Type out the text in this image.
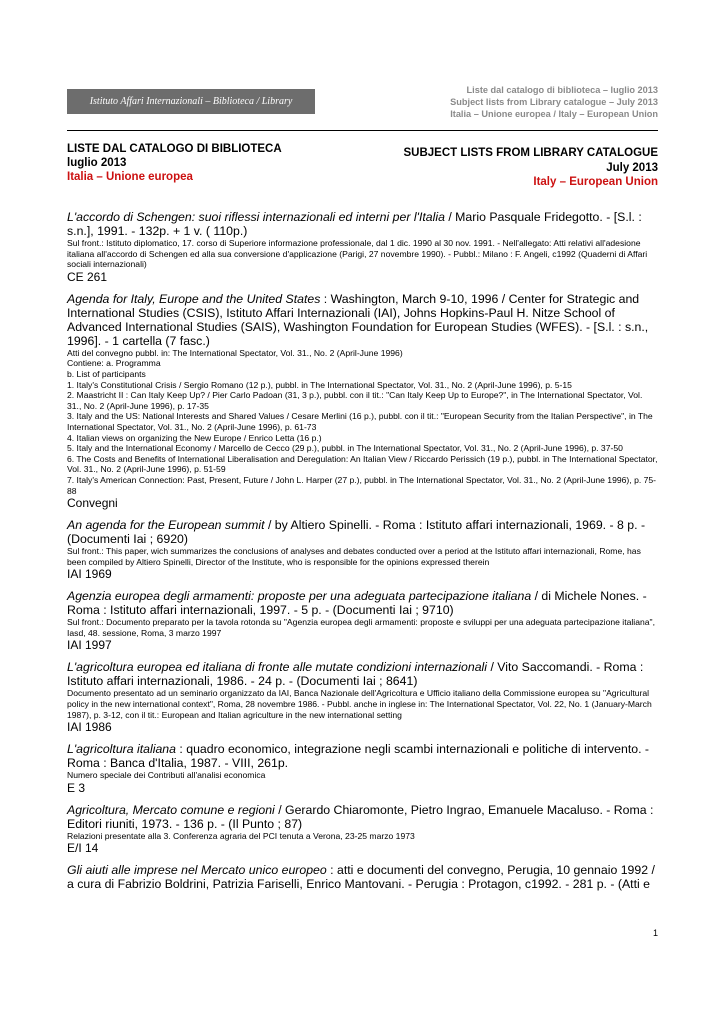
Istituto Affari Internazionali – Biblioteca / Library
Liste dal catalogo di biblioteca – luglio 2013
Subject lists from Library catalogue – July 2013
Italia – Unione europea / Italy – European Union
LISTE DAL CATALOGO DI BIBLIOTECA
luglio 2013
Italia – Unione europea
SUBJECT LISTS FROM LIBRARY CATALOGUE
July 2013
Italy – European Union

L'accordo di Schengen: suoi riflessi internazionali ed interni per l'Italia / Mario Pasquale Fridegotto. - [S.l. : s.n.], 1991. - 132p. + 1 v. ( 110p.)

Sul front.: Istituto diplomatico, 17. corso di Superiore informazione professionale, dal 1 dic. 1990 al 30 nov. 1991. - Nell'allegato: Atti relativi all'adesione italiana all'accordo di Schengen ed alla sua conversione d'applicazione (Parigi, 27 novembre 1990). - Pubbl.: Milano : F. Angeli, c1992 (Quaderni di Affari sociali internazionali)

CE 261

Agenda for Italy, Europe and the United States : Washington, March 9-10, 1996 / Center for Strategic and International Studies (CSIS), Istituto Affari Internazionali (IAI), Johns Hopkins-Paul H. Nitze School of Advanced International Studies (SAIS), Washington Foundation for European Studies (WFES). - [S.l. : s.n., 1996]. - 1 cartella (7 fasc.)

Atti del convegno pubbl. in: The International Spectator, Vol. 31., No. 2 (April-June 1996)

Contiene: a. Programma

b. List of participants

1. Italy's Constitutional Crisis / Sergio Romano (12 p.), pubbl. in The International Spectator, Vol. 31., No. 2 (April-June 1996), p. 5-15

2. Maastricht II : Can Italy Keep Up? / Pier Carlo Padoan (31, 3 p.), pubbl. con il tit.: "Can Italy Keep Up to Europe?", in The International Spectator, Vol. 31., No. 2 (April-June 1996), p. 17-35

3. Italy and the US: National Interests and Shared Values / Cesare Merlini (16 p.), pubbl. con il tit.: "European Security from the Italian Perspective", in The International Spectator, Vol. 31., No. 2 (April-June 1996), p. 61-73

4. Italian views on organizing the New Europe / Enrico Letta (16 p.)

5. Italy and the International Economy / Marcello de Cecco (29 p.), pubbl. in The International Spectator, Vol. 31., No. 2 (April-June 1996), p. 37-50

6. The Costs and Benefits of International Liberalisation and Deregulation: An Italian View / Riccardo Perissich (19 p.), pubbl. in The International Spectator, Vol. 31., No. 2 (April-June 1996), p. 51-59

7. Italy's American Connection: Past, Present, Future / John L. Harper (27 p.), pubbl. in The International Spectator, Vol. 31., No. 2 (April-June 1996), p. 75-88

Convegni

An agenda for the European summit / by Altiero Spinelli. - Roma : Istituto affari internazionali, 1969. - 8 p. - (Documenti Iai ; 6920)

Sul front.: This paper, wich summarizes the conclusions of analyses and debates conducted over a period at the Istituto affari internazionali, Rome, has been compiled by Altiero Spinelli, Director of the Institute, who is responsible for the opinions expressed therein

IAI 1969

Agenzia europea degli armamenti: proposte per una adeguata partecipazione italiana / di Michele Nones. - Roma : Istituto affari internazionali, 1997. - 5 p. - (Documenti Iai ; 9710)

Sul front.: Documento preparato per la tavola rotonda su "Agenzia europea degli armamenti: proposte e sviluppi per una adeguata partecipazione italiana", Iasd, 48. sessione, Roma, 3 marzo 1997

IAI 1997

L'agricoltura europea ed italiana di fronte alle mutate condizioni internazionali / Vito Saccomandi. - Roma : Istituto affari internazionali, 1986. - 24 p. - (Documenti Iai ; 8641)

Documento presentato ad un seminario organizzato da IAI, Banca Nazionale dell'Agricoltura e Ufficio italiano della Commissione europea su "Agricultural policy in the new international context", Roma, 28 novembre 1986. - Pubbl. anche in inglese in: The International Spectator, Vol. 22, No. 1 (January-March 1987), p. 3-12, con il tit.: European and Italian agriculture in the new international setting

IAI 1986

L'agricoltura italiana : quadro economico, integrazione negli scambi internazionali e politiche di intervento. - Roma : Banca d'Italia, 1987. - VIII, 261p.

Numero speciale dei Contributi all'analisi economica

E 3

Agricoltura, Mercato comune e regioni / Gerardo Chiaromonte, Pietro Ingrao, Emanuele Macaluso. - Roma : Editori riuniti, 1973. - 136 p. - (Il Punto ; 87)

Relazioni presentate alla 3. Conferenza agraria del PCI tenuta a Verona, 23-25 marzo 1973

E/I 14

Gli aiuti alle imprese nel Mercato unico europeo : atti e documenti del convegno, Perugia, 10 gennaio 1992 / a cura di Fabrizio Boldrini, Patrizia Fariselli, Enrico Mantovani. - Perugia : Protagon, c1992. - 281 p. - (Atti e

1
